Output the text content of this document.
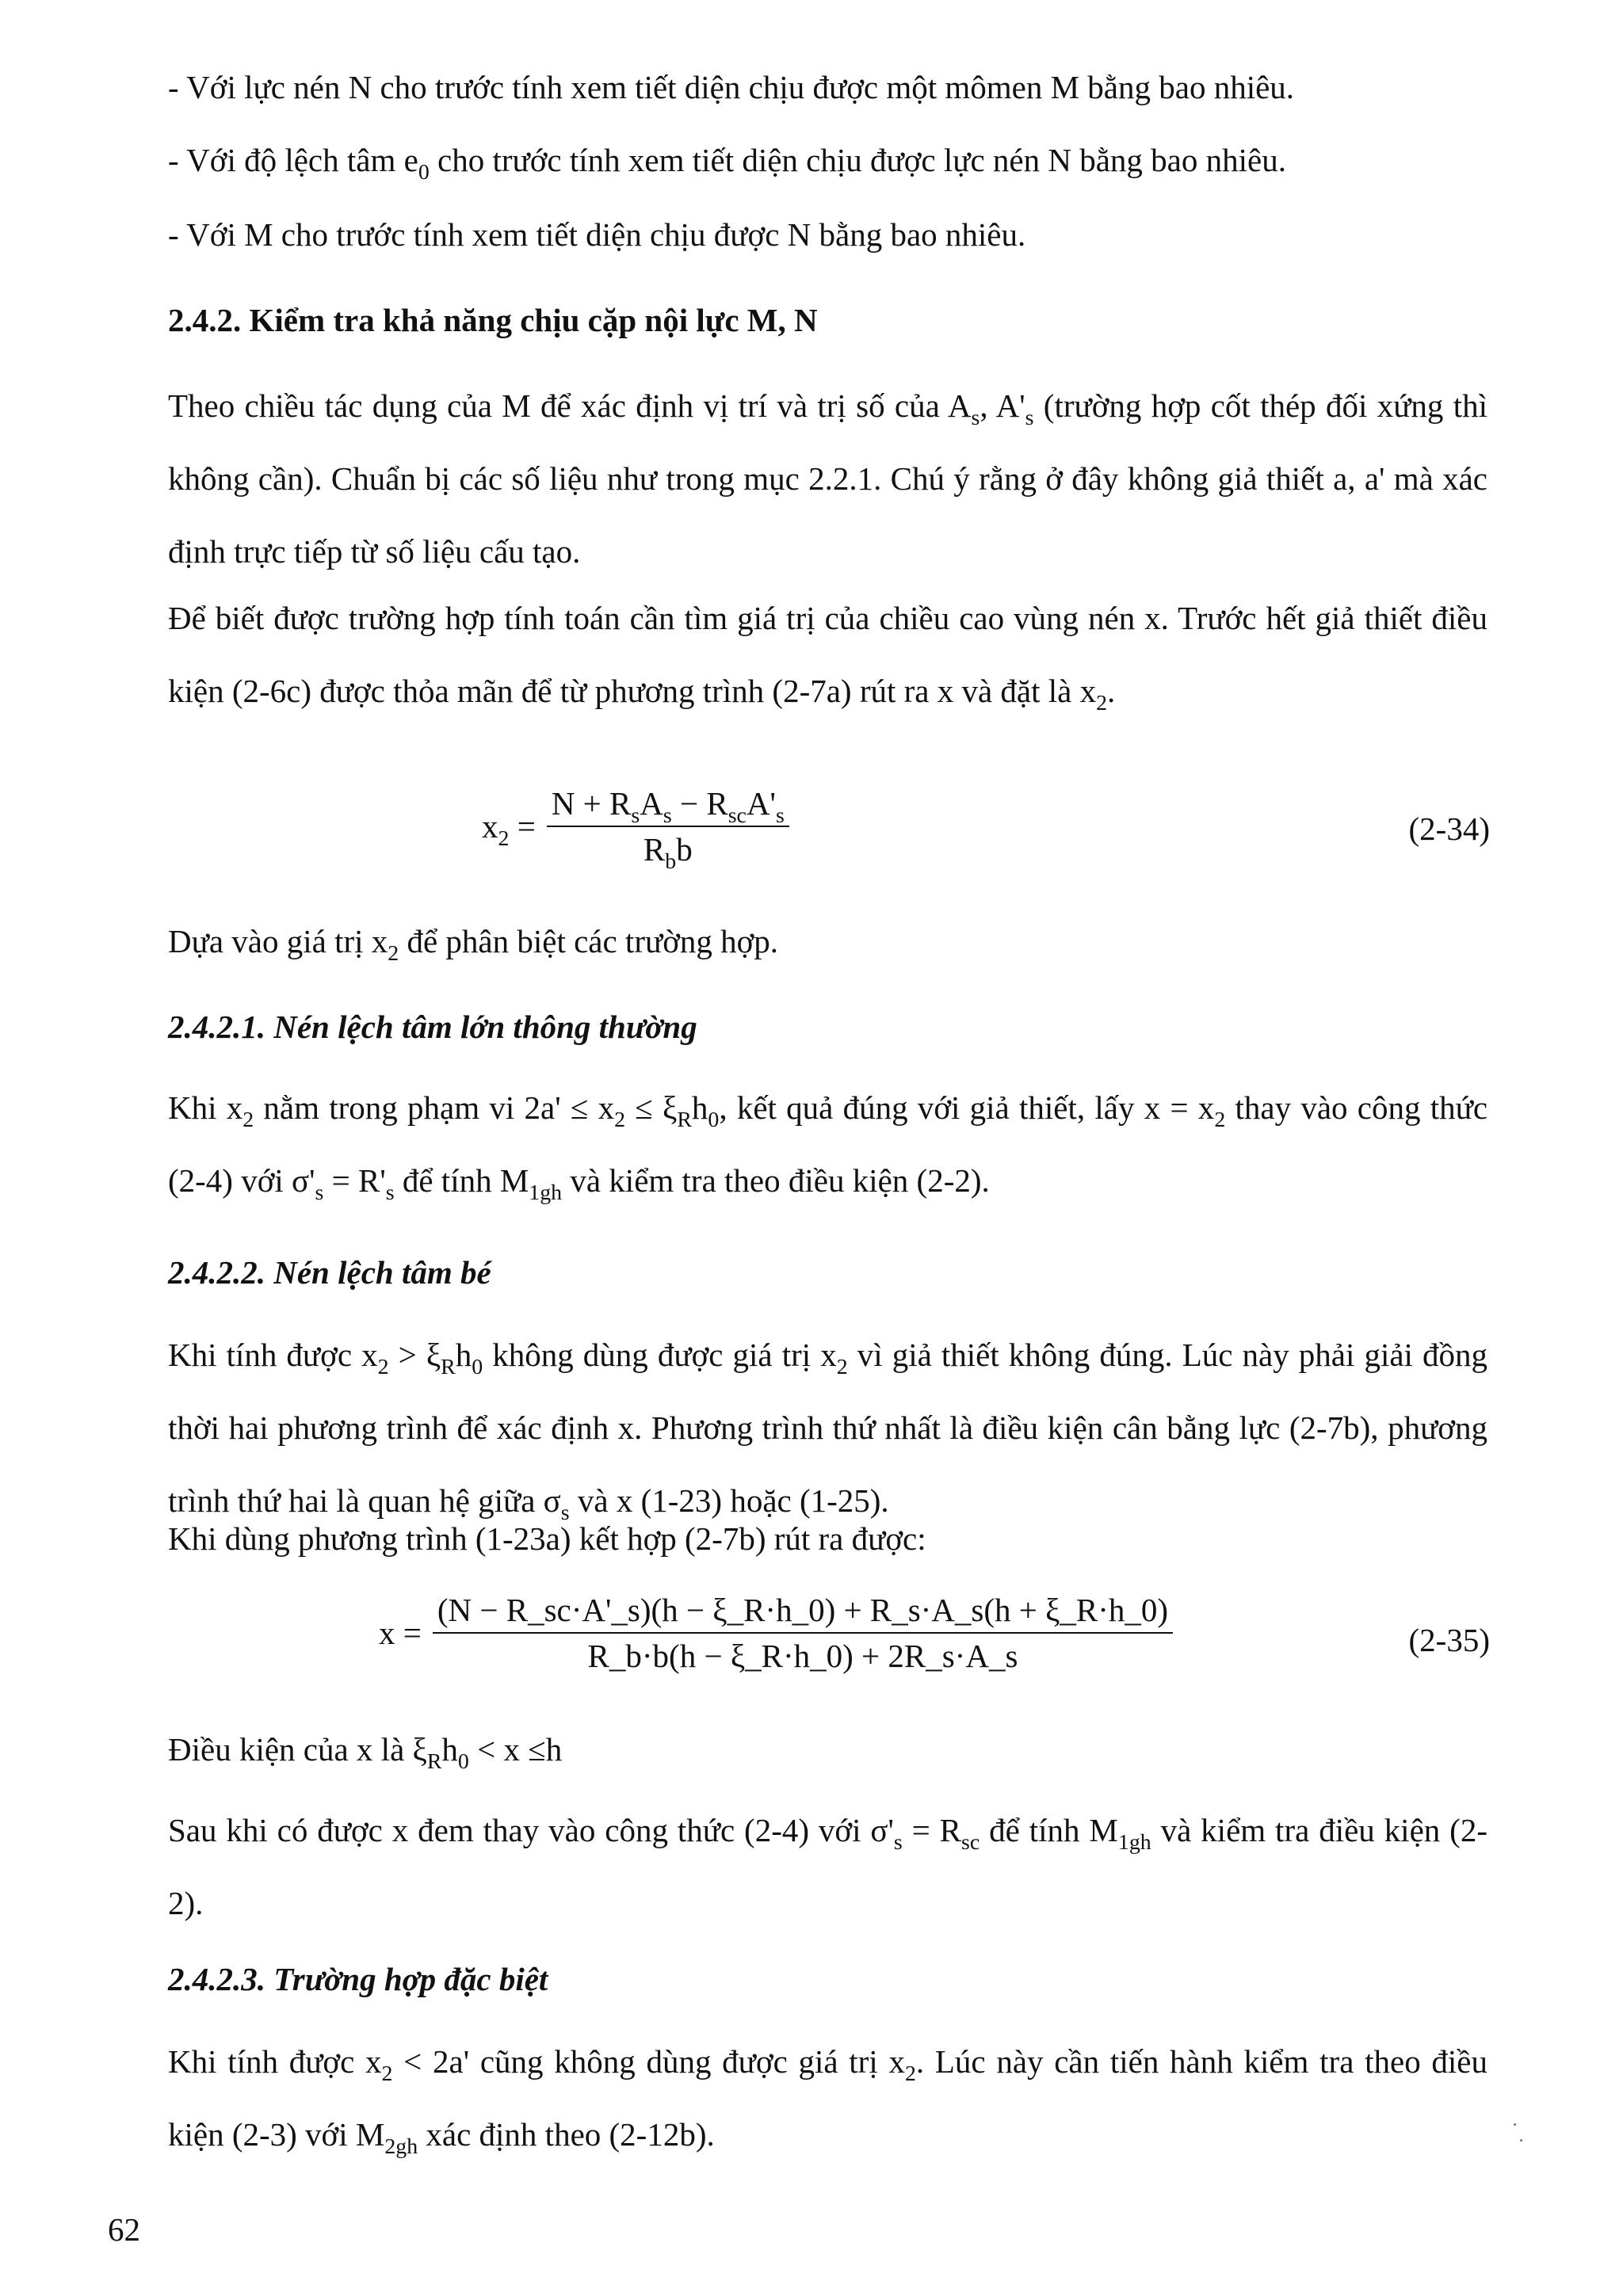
- Với lực nén N cho trước tính xem tiết diện chịu được một mômen M bằng bao nhiêu.
- Với độ lệch tâm $e_0$ cho trước tính xem tiết diện chịu được lực nén N bằng bao nhiêu.
- Với M cho trước tính xem tiết diện chịu được N bằng bao nhiêu.
2.4.2. Kiểm tra khả năng chịu cặp nội lực M, N
Theo chiều tác dụng của M để xác định vị trí và trị số của $A_s$, $A'_s$ (trường hợp cốt thép đối xứng thì không cần). Chuẩn bị các số liệu như trong mục 2.2.1. Chú ý rằng ở đây không giả thiết a, a' mà xác định trực tiếp từ số liệu cấu tạo.
Để biết được trường hợp tính toán cần tìm giá trị của chiều cao vùng nén x. Trước hết giả thiết điều kiện (2-6c) được thỏa mãn để từ phương trình (2-7a) rút ra x và đặt là $x_2$.
$x_2 = \frac{N + R_sA_s - R_{sc}A'_s}{R_bb}$	(2-34)
Dựa vào giá trị $x_2$ để phân biệt các trường hợp.
2.4.2.1. Nén lệch tâm lớn thông thường
Khi $x_2$ nằm trong phạm vi $2a' \le x_2 \le \xi_Rh_0$, kết quả đúng với giả thiết, lấy $x = x_2$ thay vào công thức (2-4) với $\sigma'_s = R'_s$ để tính $M_{1gh}$ và kiểm tra theo điều kiện (2-2).
2.4.2.2. Nén lệch tâm bé
Khi tính được $x_2 > \xi_Rh_0$ không dùng được giá trị $x_2$ vì giả thiết không đúng. Lúc này phải giải đồng thời hai phương trình để xác định x. Phương trình thứ nhất là điều kiện cân bằng lực (2-7b), phương trình thứ hai là quan hệ giữa $\sigma_s$ và x (1-23) hoặc (1-25).
Khi dùng phương trình (1-23a) kết hợp (2-7b) rút ra được:
$x = \frac{(N - R\_sc\cdot A'\_s)(h - \xi\_R\cdot h\_0) + R\_s\cdot A\_s(h + \xi\_R\cdot h\_0)}{R\_b\cdot b(h - \xi\_R\cdot h\_0) + 2R\_s\cdot A\_s}$	(2-35)
Điều kiện của x là $\xi_Rh_0 < x \le h$
Sau khi có được x đem thay vào công thức (2-4) với $\sigma'_s = R_{sc}$ để tính $M_{1gh}$ và kiểm tra điều kiện (2-2).
2.4.2.3. Trường hợp đặc biệt
Khi tính được $x_2 < 2a'$ cũng không dùng được giá trị $x_2$. Lúc này cần tiến hành kiểm tra theo điều kiện (2-3) với $M_{2gh}$ xác định theo (2-12b).
62
